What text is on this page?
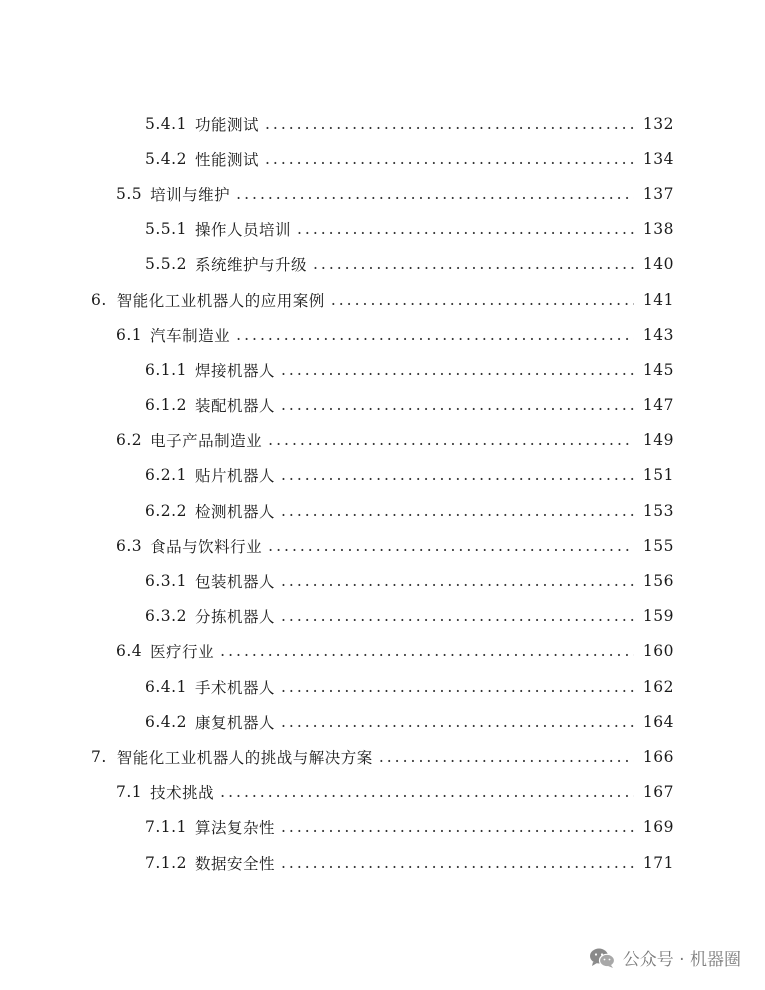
5.4.1 功能测试 .....	132
5.4.2 性能测试 .....	134
5.5 培训与维护 .....	137
5.5.1 操作人员培训 .....	138
5.5.2 系统维护与升级 .....	140
6. 智能化工业机器人的应用案例 .....	141
6.1 汽车制造业 .....	143
6.1.1 焊接机器人 .....	145
6.1.2 装配机器人 .....	147
6.2 电子产品制造业 .....	149
6.2.1 贴片机器人 .....	151
6.2.2 检测机器人 .....	153
6.3 食品与饮料行业 .....	155
6.3.1 包装机器人 .....	156
6.3.2 分拣机器人 .....	159
6.4 医疗行业 .....	160
6.4.1 手术机器人 .....	162
6.4.2 康复机器人 .....	164
7. 智能化工业机器人的挑战与解决方案 .....	166
7.1 技术挑战 .....	167
7.1.1 算法复杂性 .....	169
7.1.2 数据安全性 .....	171
公众号 · 机器圈
